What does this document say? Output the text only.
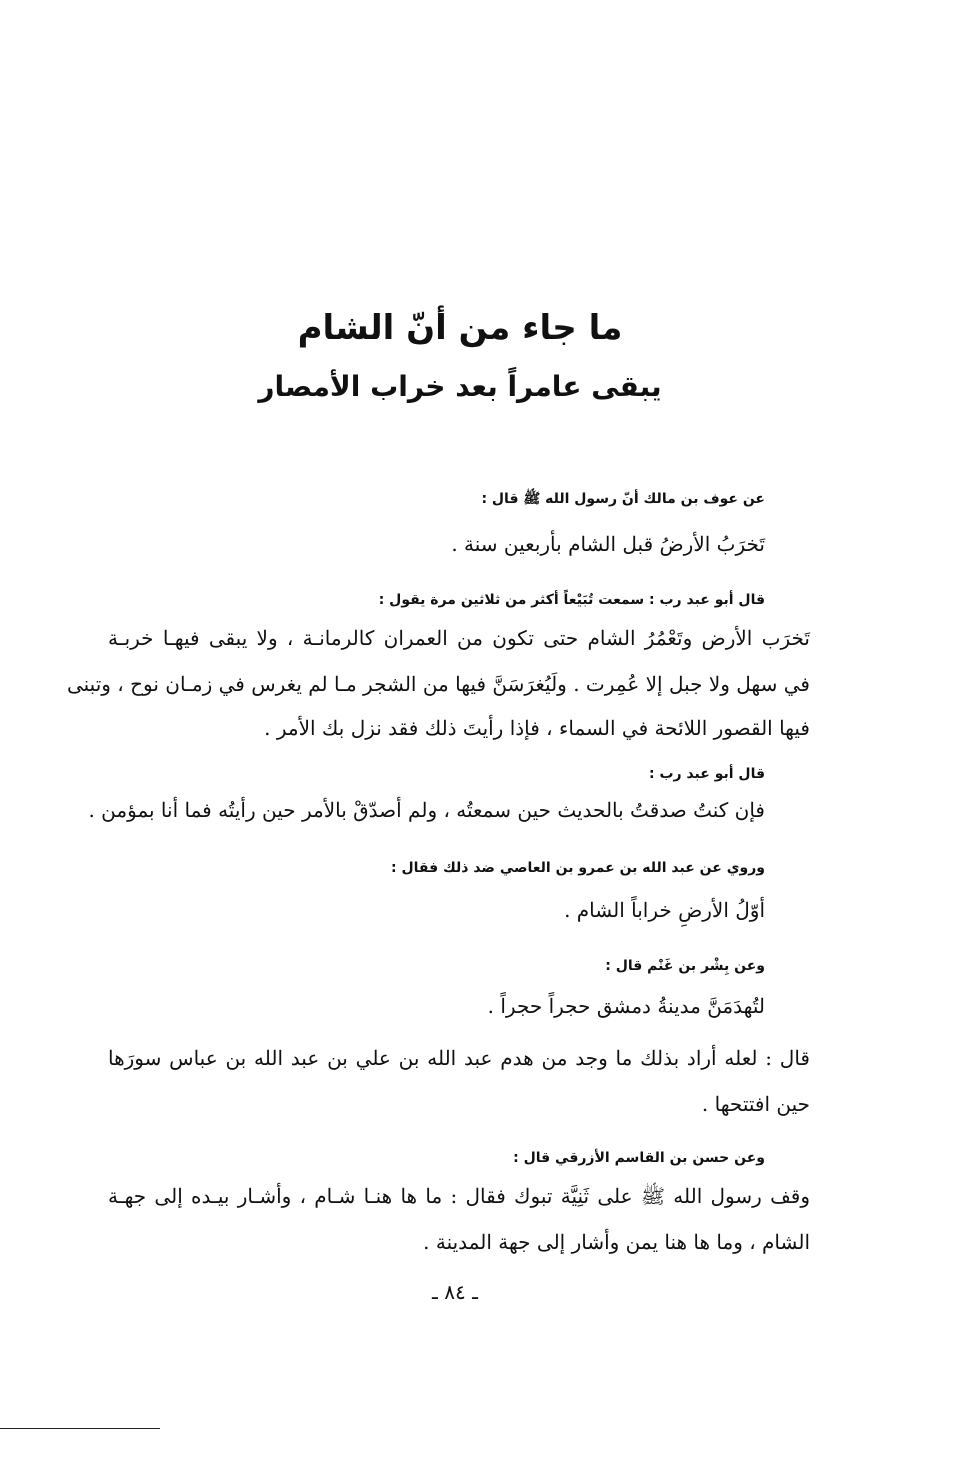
ما جاء من أنّ الشام
يبقى عامراً بعد خراب الأمصار
عن عوف بن مالك أنّ رسول الله ﷺ قال :
تَخرَبُ الأرضُ قبل الشام بأربعين سنة .
قال أبو عبد رب : سمعت تُبَيْعاً أكثر من ثلاثين مرة يقول :
تَخرَب الأرض وتَعْمُرُ الشام حتى تكون من العمران كالرمانـة ، ولا يبقى فيهـا خربـة
في سهل ولا جبل إلا عُمِرت . ولَيُغرَسَنَّ فيها من الشجر مـا لم يغرس في زمـان نوح ، وتبنى
فيها القصور اللائحة في السماء ، فإذا رأيتَ ذلك فقد نزل بك الأمر .
قال أبو عبد رب :
فإن كنتُ صدقتُ بالحديث حين سمعتُه ، ولم أصدّقْ بالأمر حين رأيتُه فما أنا بمؤمن .
وروي عن عبد الله بن عمرو بن العاصي ضد ذلك فقال :
أوّلُ الأرضِ خراباً الشام .
وعن بِشْر بن غَنْم قال :
لتُهدَمَنَّ مدينةُ دمشق حجراً حجراً .
قال : لعله أراد بذلك ما وجد من هدم عبد الله بن علي بن عبد الله بن عباس سورَها
حين افتتحها .
وعن حسن بن القاسم الأزرقي قال :
وقف رسول الله ﷺ على ثَنِيَّة تبوك فقال : ما ها هنـا شـام ، وأشـار بيـده إلى جهـة
الشام ، وما ها هنا يمن وأشار إلى جهة المدينة .
ـ ٨٤ ـ
